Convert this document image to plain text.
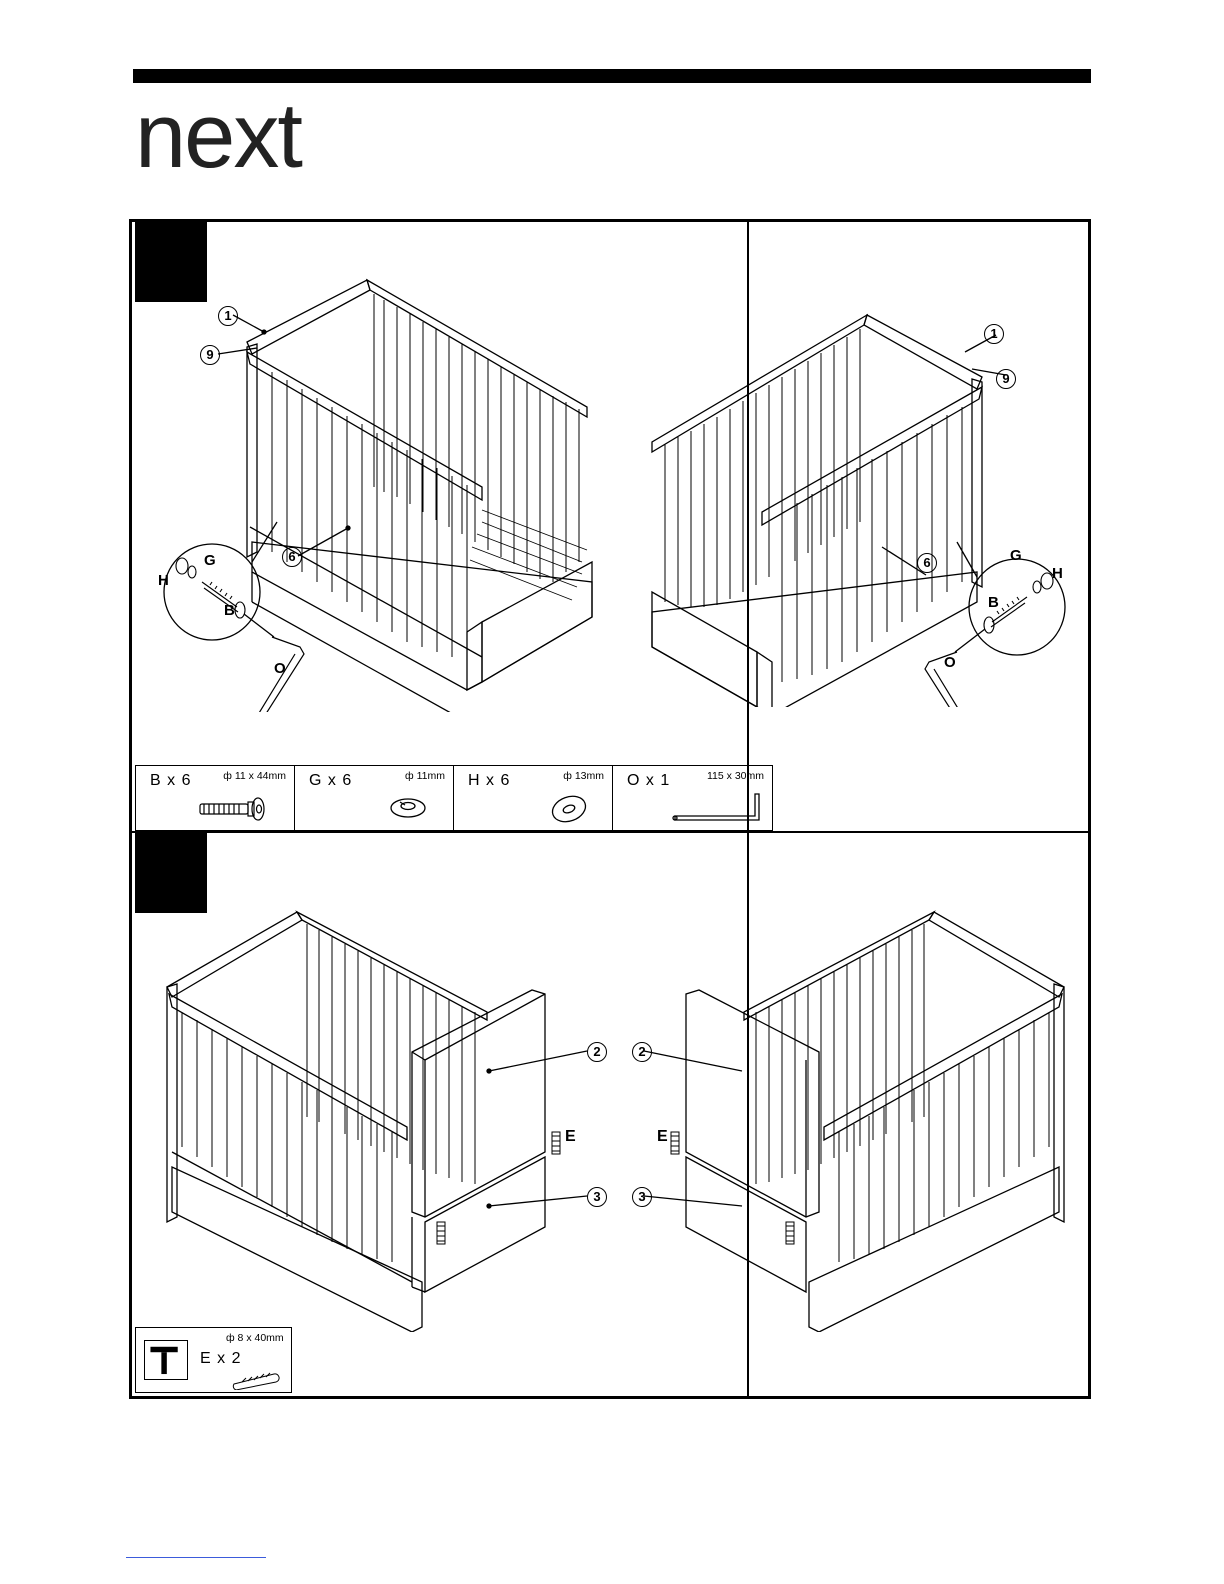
next
1
9
6
G
H
B
O
1
9
6	G
H
B
O
B x 6	ф 11 x 44mm G x 6	ф 11mm H x 6	ф 13mm O x 1	115 x 30mm
2
3
E
2
3
E
E x 2
ф 8 x 40mm
